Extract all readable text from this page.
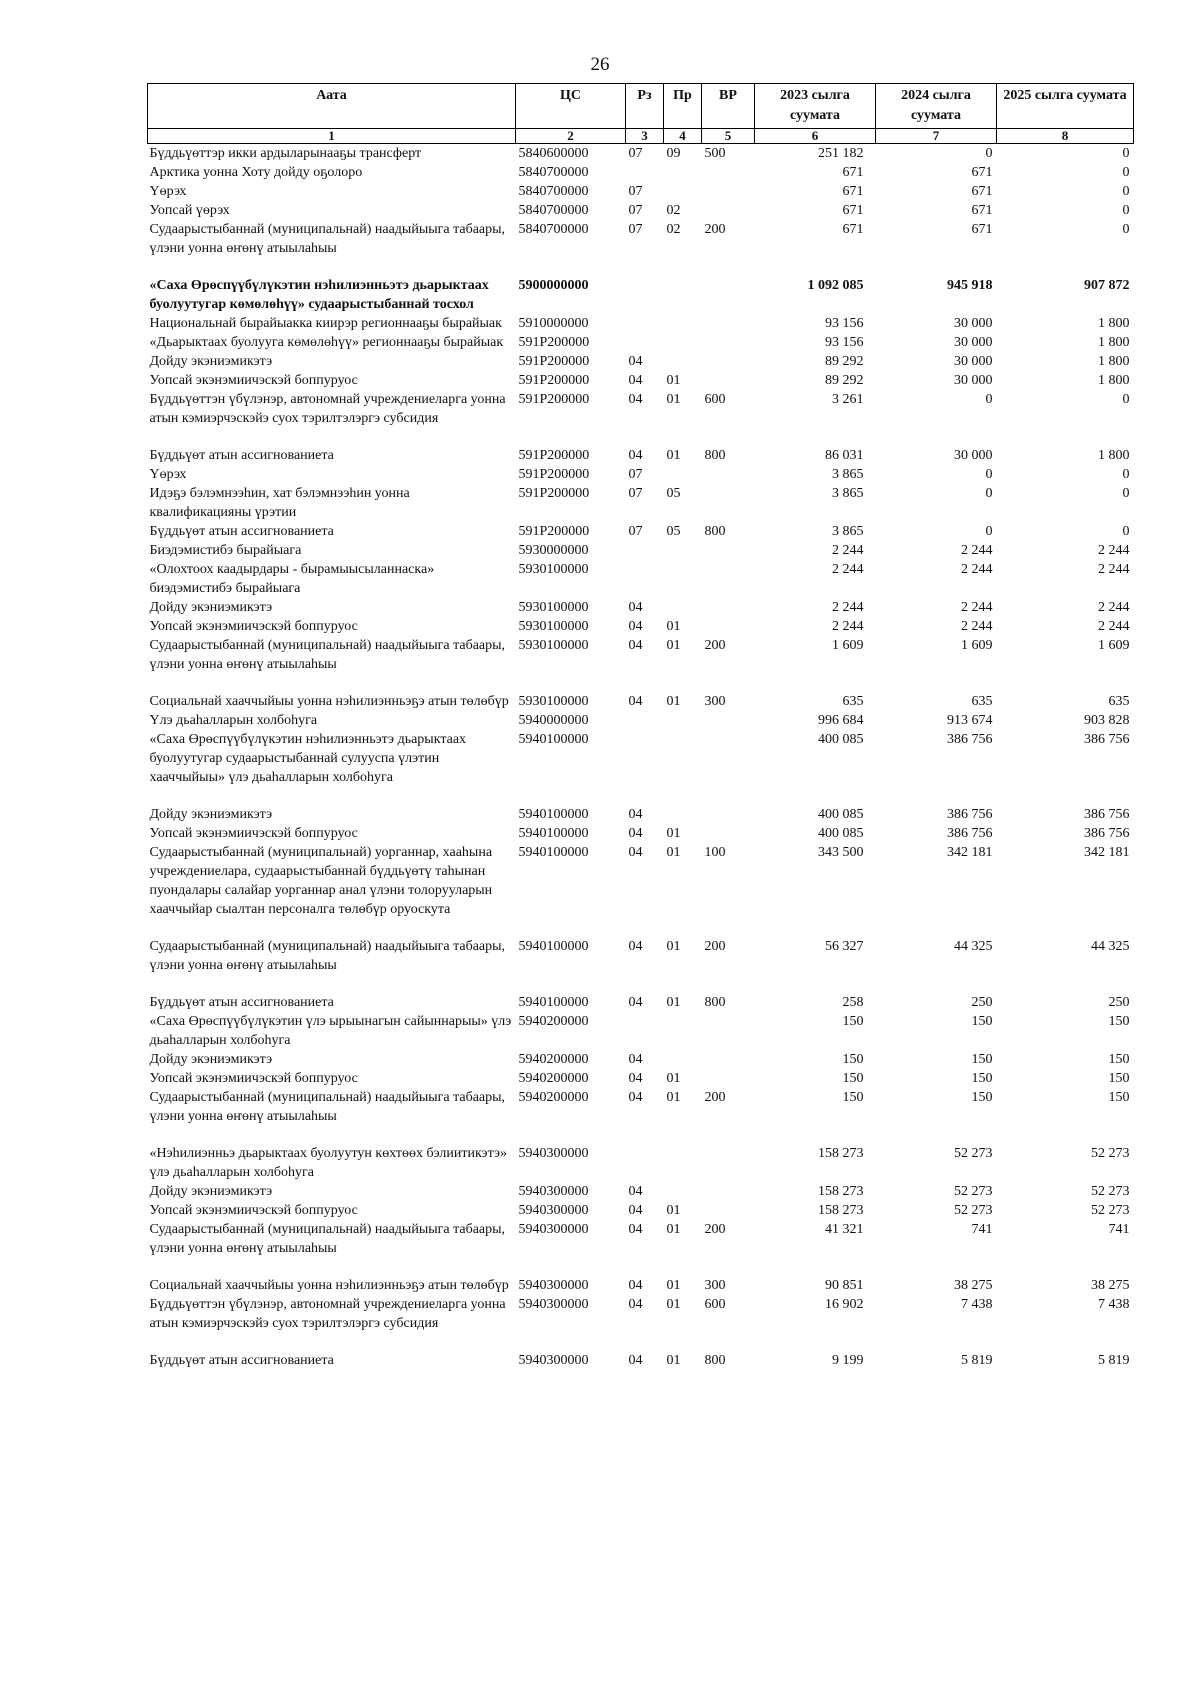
26
Аата	ЦС	Рз	Пр	ВР	2023 сылга суумата	2024 сылга суумата	2025 сылга суумата
1	2	3	4	5	6	7	8
Бүддьүөттэр икки ардыларынааҕы трансферт	5840600000	07	09	500	251 182	0	0
Арктика уонна Хоту дойду оҕолоро	5840700000				671	671	0
Үөрэх	5840700000	07			671	671	0
Уопсай үөрэх	5840700000	07	02		671	671	0
Судаарыстыбаннай (муниципальнай) наадыйыыга табаары, үлэни уонна өҥөнү атыылаһыы	5840700000	07	02	200	671	671	0
«Саха Өрөспүүбүлүкэтин нэһилиэнньэтэ дьарыктаах буолуутугар көмөлөһүү» судаарыстыбаннай тосхол	5900000000				1 092 085	945 918	907 872
Национальнай бырайыакка киирэр регионнааҕы бырайыак	5910000000				93 156	30 000	1 800
«Дьарыктаах буолууга көмөлөһүү» регионнааҕы бырайыак	591P200000				93 156	30 000	1 800
Дойду экэниэмикэтэ	591P200000	04			89 292	30 000	1 800
Уопсай экэнэмиичэскэй боппуруос	591P200000	04	01		89 292	30 000	1 800
Бүддьүөттэн үбүлэнэр, автономнай учреждениеларга уонна атын кэмиэрчэскэйэ суох тэрилтэлэргэ субсидия	591P200000	04	01	600	3 261	0	0
Бүддьүөт атын ассигнованиета	591P200000	04	01	800	86 031	30 000	1 800
Үөрэх	591P200000	07			3 865	0	0
Идэҕэ бэлэмнээһин, хат бэлэмнээһин уонна квалификацияны үрэтии	591P200000	07	05		3 865	0	0
Бүддьүөт атын ассигнованиета	591P200000	07	05	800	3 865	0	0
Биэдэмистибэ бырайыага	5930000000				2 244	2 244	2 244
«Олохтоох каадырдары - бырамыысыланнаска» биэдэмистибэ бырайыага	5930100000				2 244	2 244	2 244
Дойду экэниэмикэтэ	5930100000	04			2 244	2 244	2 244
Уопсай экэнэмиичэскэй боппуруос	5930100000	04	01		2 244	2 244	2 244
Судаарыстыбаннай (муниципальнай) наадыйыыга табаары, үлэни уонна өҥөнү атыылаһыы	5930100000	04	01	200	1 609	1 609	1 609
Социальнай хааччыйыы уонна нэһилиэнньэҕэ атын төлөбүр	5930100000	04	01	300	635	635	635
Үлэ дьаһалларын холбоһуга	5940000000				996 684	913 674	903 828
«Саха Өрөспүүбүлүкэтин нэһилиэнньэтэ дьарыктаах буолуутугар судаарыстыбаннай сулууспа үлэтин хааччыйыы» үлэ дьаһалларын холбоһуга	5940100000				400 085	386 756	386 756
Дойду экэниэмикэтэ	5940100000	04			400 085	386 756	386 756
Уопсай экэнэмиичэскэй боппуруос	5940100000	04	01		400 085	386 756	386 756
Судаарыстыбаннай (муниципальнай) уорганнар, хааһына учреждениелара, судаарыстыбаннай бүддьүөтү таһынан пуондалары салайар уорганнар анал үлэни толорууларын хааччыйар сыалтан персоналга төлөбүр оруоскута	5940100000	04	01	100	343 500	342 181	342 181
Судаарыстыбаннай (муниципальнай) наадыйыыга табаары, үлэни уонна өҥөнү атыылаһыы	5940100000	04	01	200	56 327	44 325	44 325
Бүддьүөт атын ассигнованиета	5940100000	04	01	800	258	250	250
«Саха Өрөспүүбүлүкэтин үлэ ырыынагын сайыннарыы» үлэ дьаһалларын холбоһуга	5940200000				150	150	150
Дойду экэниэмикэтэ	5940200000	04			150	150	150
Уопсай экэнэмиичэскэй боппуруос	5940200000	04	01		150	150	150
Судаарыстыбаннай (муниципальнай) наадыйыыга табаары, үлэни уонна өҥөнү атыылаһыы	5940200000	04	01	200	150	150	150
«Нэһилиэнньэ дьарыктаах буолуутун көхтөөх бэлиитикэтэ» үлэ дьаһалларын холбоһуга	5940300000				158 273	52 273	52 273
Дойду экэниэмикэтэ	5940300000	04			158 273	52 273	52 273
Уопсай экэнэмиичэскэй боппуруос	5940300000	04	01		158 273	52 273	52 273
Судаарыстыбаннай (муниципальнай) наадыйыыга табаары, үлэни уонна өҥөнү атыылаһыы	5940300000	04	01	200	41 321	741	741
Социальнай хааччыйыы уонна нэһилиэнньэҕэ атын төлөбүр	5940300000	04	01	300	90 851	38 275	38 275
Бүддьүөттэн үбүлэнэр, автономнай учреждениеларга уонна атын кэмиэрчэскэйэ суох тэрилтэлэргэ субсидия	5940300000	04	01	600	16 902	7 438	7 438
Бүддьүөт атын ассигнованиета	5940300000	04	01	800	9 199	5 819	5 819
